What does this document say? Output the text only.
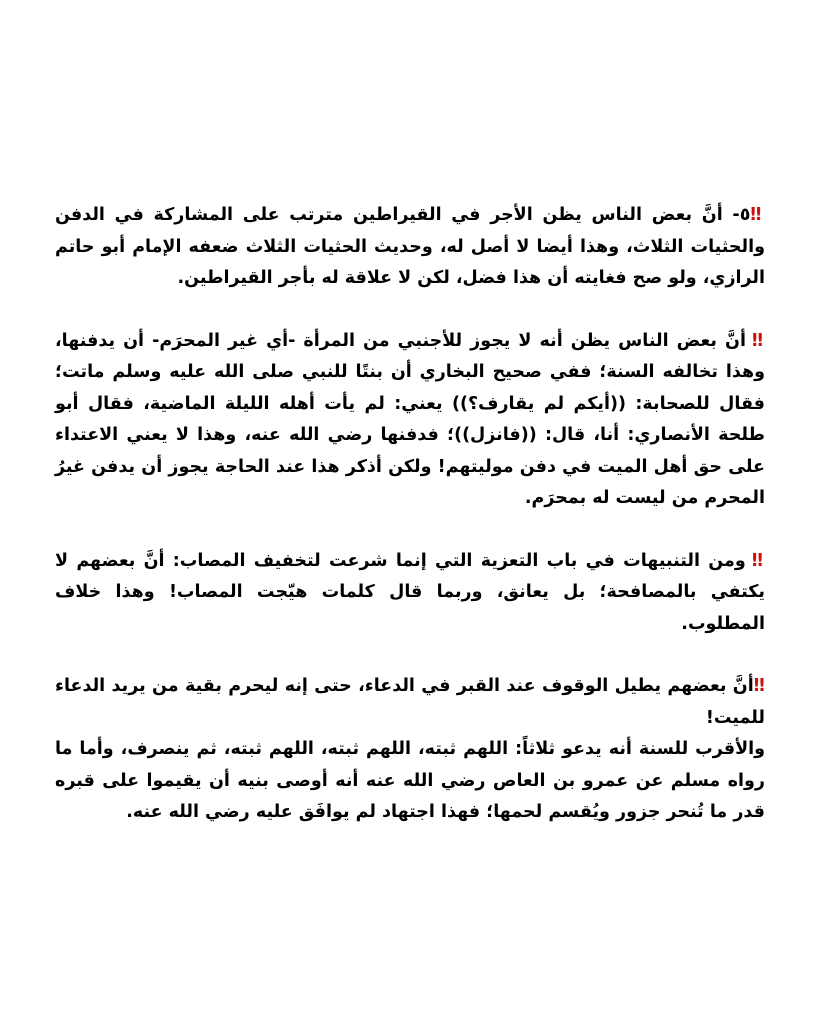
‼٥- أنَّ بعض الناس يظن الأجر في القيراطين مترتب على المشاركة في الدفن والحثيات الثلاث، وهذا أيضا لا أصل له، وحديث الحثيات الثلاث ضعفه الإمام أبو حاتم الرازي، ولو صح فغايته أن هذا فضل، لكن لا علاقة له بأجر القيراطين.
‼ أنَّ بعض الناس يظن أنه لا يجوز للأجنبي من المرأة -أي غير المحرَم- أن يدفنها، وهذا تخالفه السنة؛ ففي صحيح البخاري أن بنتًا للنبي صلى الله عليه وسلم ماتت؛ فقال للصحابة: ((أيكم لم يقارف؟)) يعني: لم يأت أهله الليلة الماضية، فقال أبو طلحة الأنصاري: أنا، قال: ((فانزل))؛ فدفنها رضي الله عنه، وهذا لا يعني الاعتداء على حق أهل الميت في دفن موليتهم! ولكن أذكر هذا عند الحاجة يجوز أن يدفن غيرُ المحرم من ليست له بمحرَم.
‼ ومن التنبيهات في باب التعزية التي إنما شرعت لتخفيف المصاب: أنَّ بعضهم لا يكتفي بالمصافحة؛ بل يعانق، وربما قال كلمات هيّجت المصاب! وهذا خلاف المطلوب.
‼أنَّ بعضهم يطيل الوقوف عند القبر في الدعاء، حتى إنه ليحرم بقية من يريد الدعاء للميت!
والأقرب للسنة أنه يدعو ثلاثاً: اللهم ثبته، اللهم ثبته، اللهم ثبته، ثم ينصرف، وأما ما رواه مسلم عن عمرو بن العاص رضي الله عنه أنه أوصى بنيه أن يقيموا على قبره قدر ما تُنحر جزور ويُقسم لحمها؛ فهذا اجتهاد لم يوافَق عليه رضي الله عنه.
